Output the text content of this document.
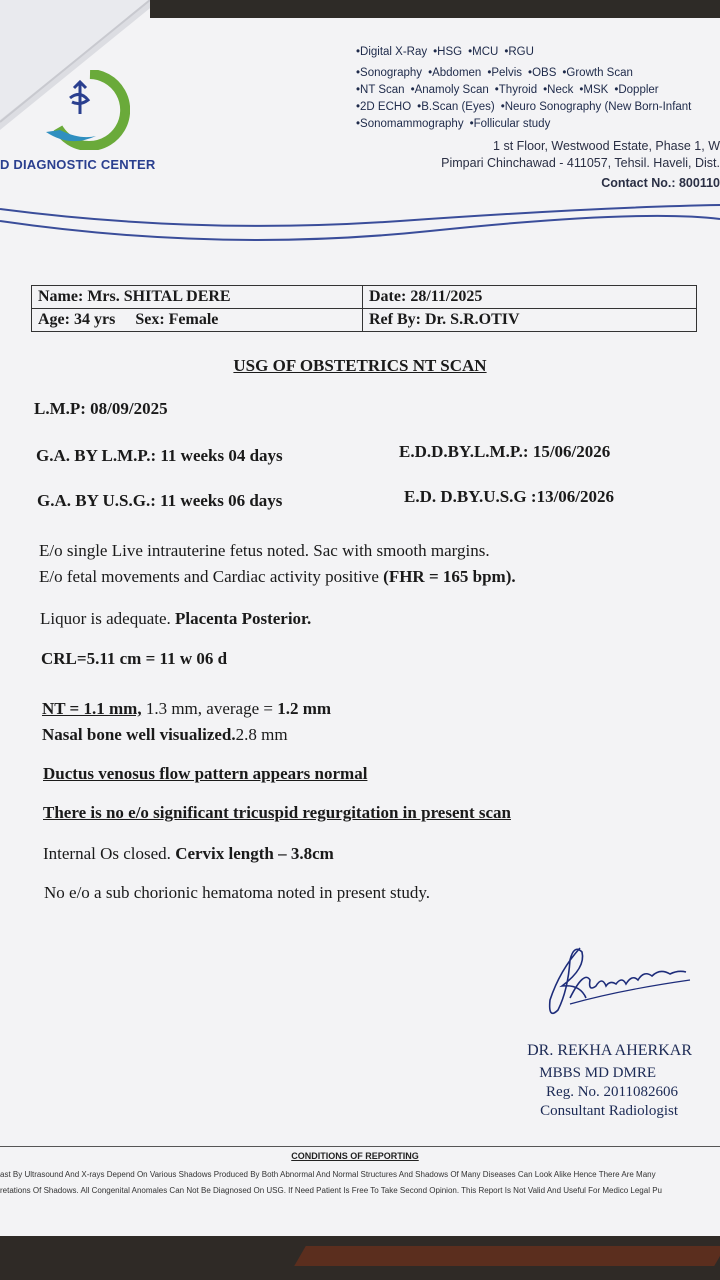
• Digital X-Ray • HSG • MCU • RGU
• Sonography • Abdomen • Pelvis • OBS • Growth Scan
• NT Scan • Anamoly Scan • Thyroid • Neck • MSK • Doppler
• 2D ECHO • B.Scan (Eyes) • Neuro Sonography (New Born-Infant
• Sonomammography • Follicular study
D DIAGNOSTIC CENTER
1 st Floor, Westwood Estate, Phase 1, W
Pimpari Chinchawad - 411057, Tehsil. Haveli, Dist.
Contact No.: 800110
Name: Mrs. SHITAL DERE	Date: 28/11/2025
Age: 34 yrs Sex: Female	Ref By: Dr. S.R.OTIV
USG OF OBSTETRICS NT SCAN
L.M.P: 08/09/2025
G.A. BY L.M.P.: 11 weeks 04 days	E.D.D.BY.L.M.P.: 15/06/2026
G.A. BY U.S.G.: 11 weeks 06 days	E.D. D.BY.U.S.G :13/06/2026
E/o single Live intrauterine fetus noted. Sac with smooth margins.
E/o fetal movements and Cardiac activity positive (FHR = 165 bpm).
Liquor is adequate. Placenta Posterior.
CRL=5.11 cm = 11 w 06 d
NT = 1.1 mm, 1.3 mm, average = 1.2 mm
Nasal bone well visualized.2.8 mm
Ductus venosus flow pattern appears normal
There is no e/o significant tricuspid regurgitation in present scan
Internal Os closed. Cervix length – 3.8cm
No e/o a sub chorionic hematoma noted in present study.
DR. REKHA AHERKAR
MBBS MD DMRE
Reg. No. 2011082606
Consultant Radiologist
CONDITIONS OF REPORTING
ast By Ultrasound And X-rays Depend On Various Shadows Produced By Both Abnormal And Normal Structures And Shadows Of Many Diseases Can Look Alike Hence There Are Many
retations Of Shadows. All Congenital Anomales Can Not Be Diagnosed On USG. If Need Patient Is Free To Take Second Opinion. This Report Is Not Valid And Useful For Medico Legal Pu
